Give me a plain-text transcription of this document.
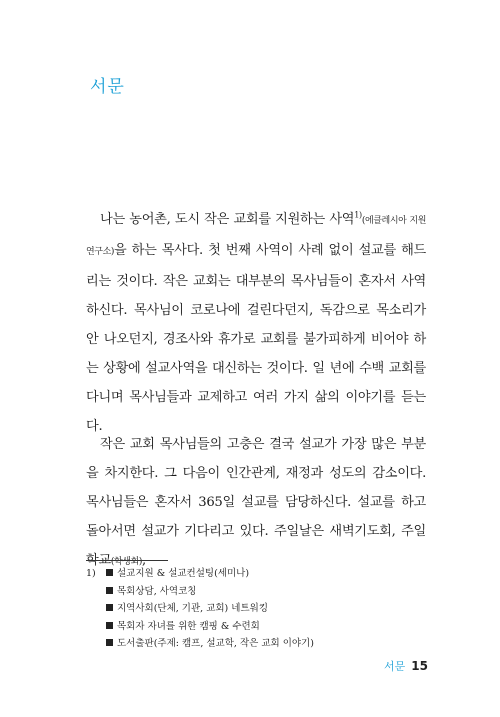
서문

나는 농어촌, 도시 작은 교회를 지원하는 사역$^{1)}$(에클레시아 지원연구소)을 하는 목사다. 첫 번째 사역이 사례 없이 설교를 해드리는 것이다. 작은 교회는 대부분의 목사님들이 혼자서 사역하신다. 목사님이 코로나에 걸린다던지, 독감으로 목소리가 안 나오던지, 경조사와 휴가로 교회를 불가피하게 비어야 하는 상황에 설교사역을 대신하는 것이다. 일 년에 수백 교회를 다니며 목사님들과 교제하고 여러 가지 삶의 이야기를 듣는다.

작은 교회 목사님들의 고충은 결국 설교가 가장 많은 부분을 차지한다. 그 다음이 인간관계, 재정과 성도의 감소이다. 목사님들은 혼자서 365일 설교를 담당하신다. 설교를 하고 돌아서면 설교가 기다리고 있다. 주일날은 새벽기도회, 주일학교(학생회),

1)	설교지원 & 설교컨설팅(세미나)
목회상담, 사역코칭
지역사회(단체, 기관, 교회) 네트워킹
목회자 자녀를 위한 캠핑 & 수련회
도서출판(주제: 캠프, 설교학, 작은 교회 이야기)
서문 15
